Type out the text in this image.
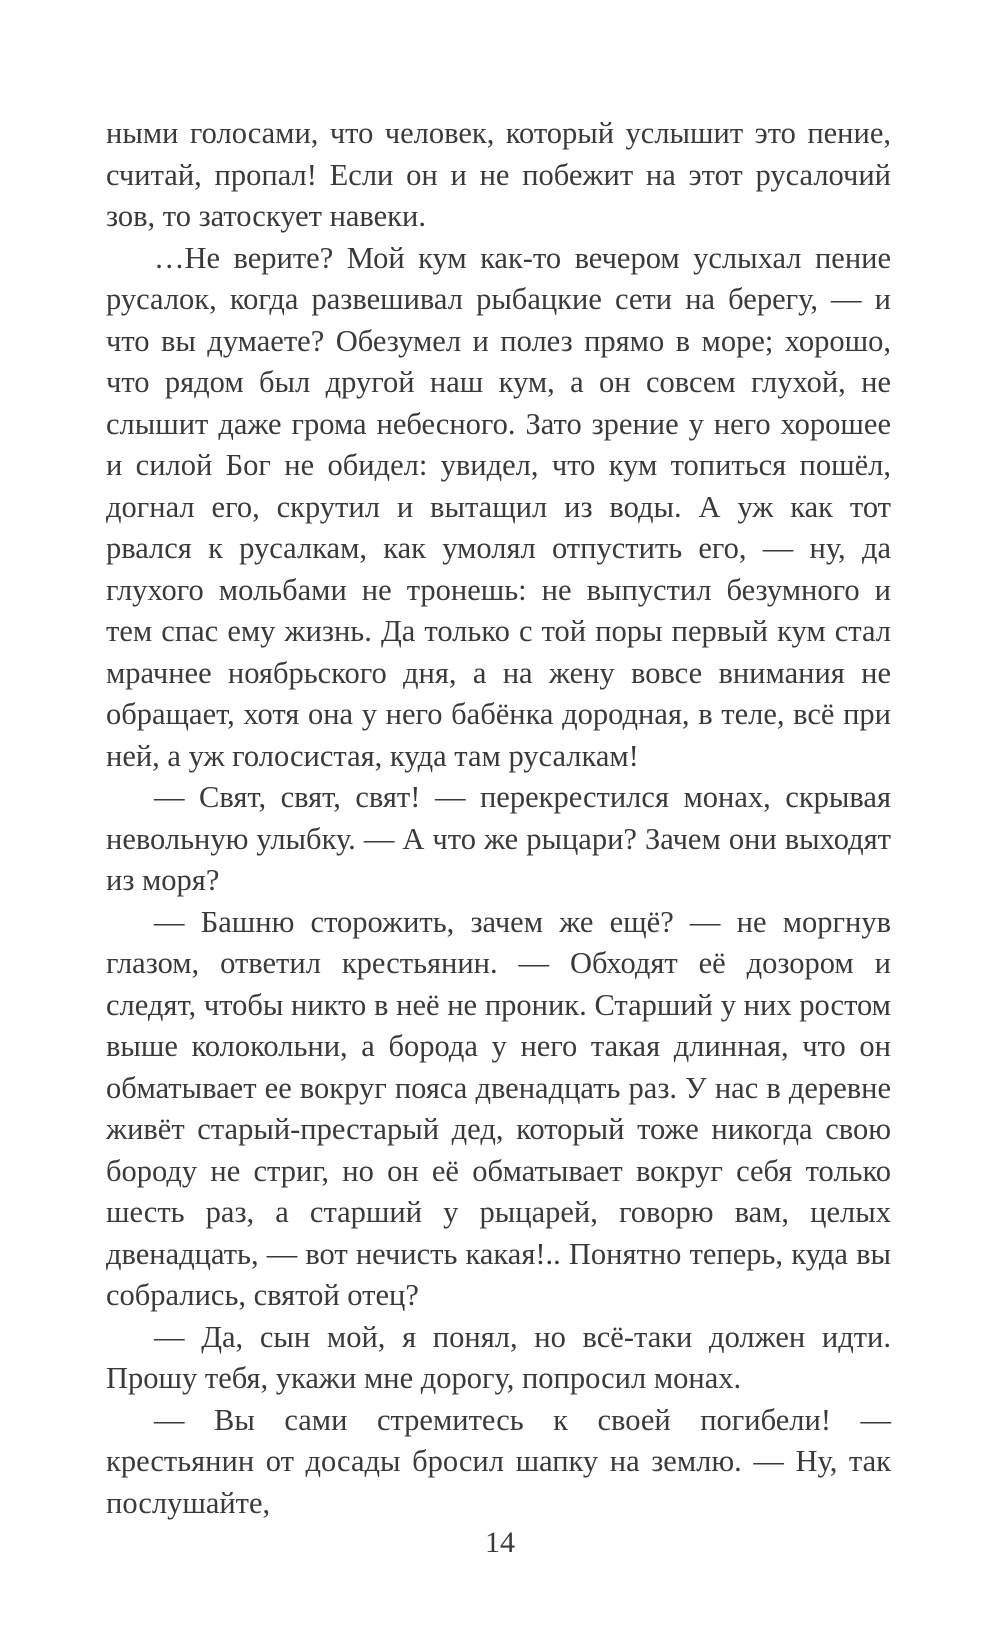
ными голосами, что человек, который услышит это пение, считай, пропал! Если он и не побежит на этот русалочий зов, то затоскует навеки.

…Не верите? Мой кум как-то вечером услыхал пение русалок, когда развешивал рыбацкие сети на берегу, — и что вы думаете? Обезумел и полез прямо в море; хорошо, что рядом был другой наш кум, а он совсем глухой, не слышит даже грома небесного. Зато зрение у него хорошее и силой Бог не обидел: увидел, что кум топиться пошёл, догнал его, скрутил и вытащил из воды. А уж как тот рвался к русалкам, как умолял отпустить его, — ну, да глухого мольбами не тронешь: не выпустил безумного и тем спас ему жизнь. Да только с той поры первый кум стал мрачнее ноябрьского дня, а на жену вовсе внимания не обращает, хотя она у него бабёнка дородная, в теле, всё при ней, а уж голосистая, куда там русалкам!

— Свят, свят, свят! — перекрестился монах, скрывая невольную улыбку. — А что же рыцари? Зачем они выходят из моря?

— Башню сторожить, зачем же ещё? — не моргнув глазом, ответил крестьянин. — Обходят её дозором и следят, чтобы никто в неё не проник. Старший у них ростом выше колокольни, а борода у него такая длинная, что он обматывает ее вокруг пояса двенадцать раз. У нас в деревне живёт старый-престарый дед, который тоже никогда свою бороду не стриг, но он её обматывает вокруг себя только шесть раз, а старший у рыцарей, говорю вам, целых двенадцать, — вот нечисть какая!.. Понятно теперь, куда вы собрались, святой отец?

— Да, сын мой, я понял, но всё-таки должен идти. Прошу тебя, укажи мне дорогу, попросил монах.

— Вы сами стремитесь к своей погибели! — крестьянин от досады бросил шапку на землю. — Ну, так послушайте,

14
